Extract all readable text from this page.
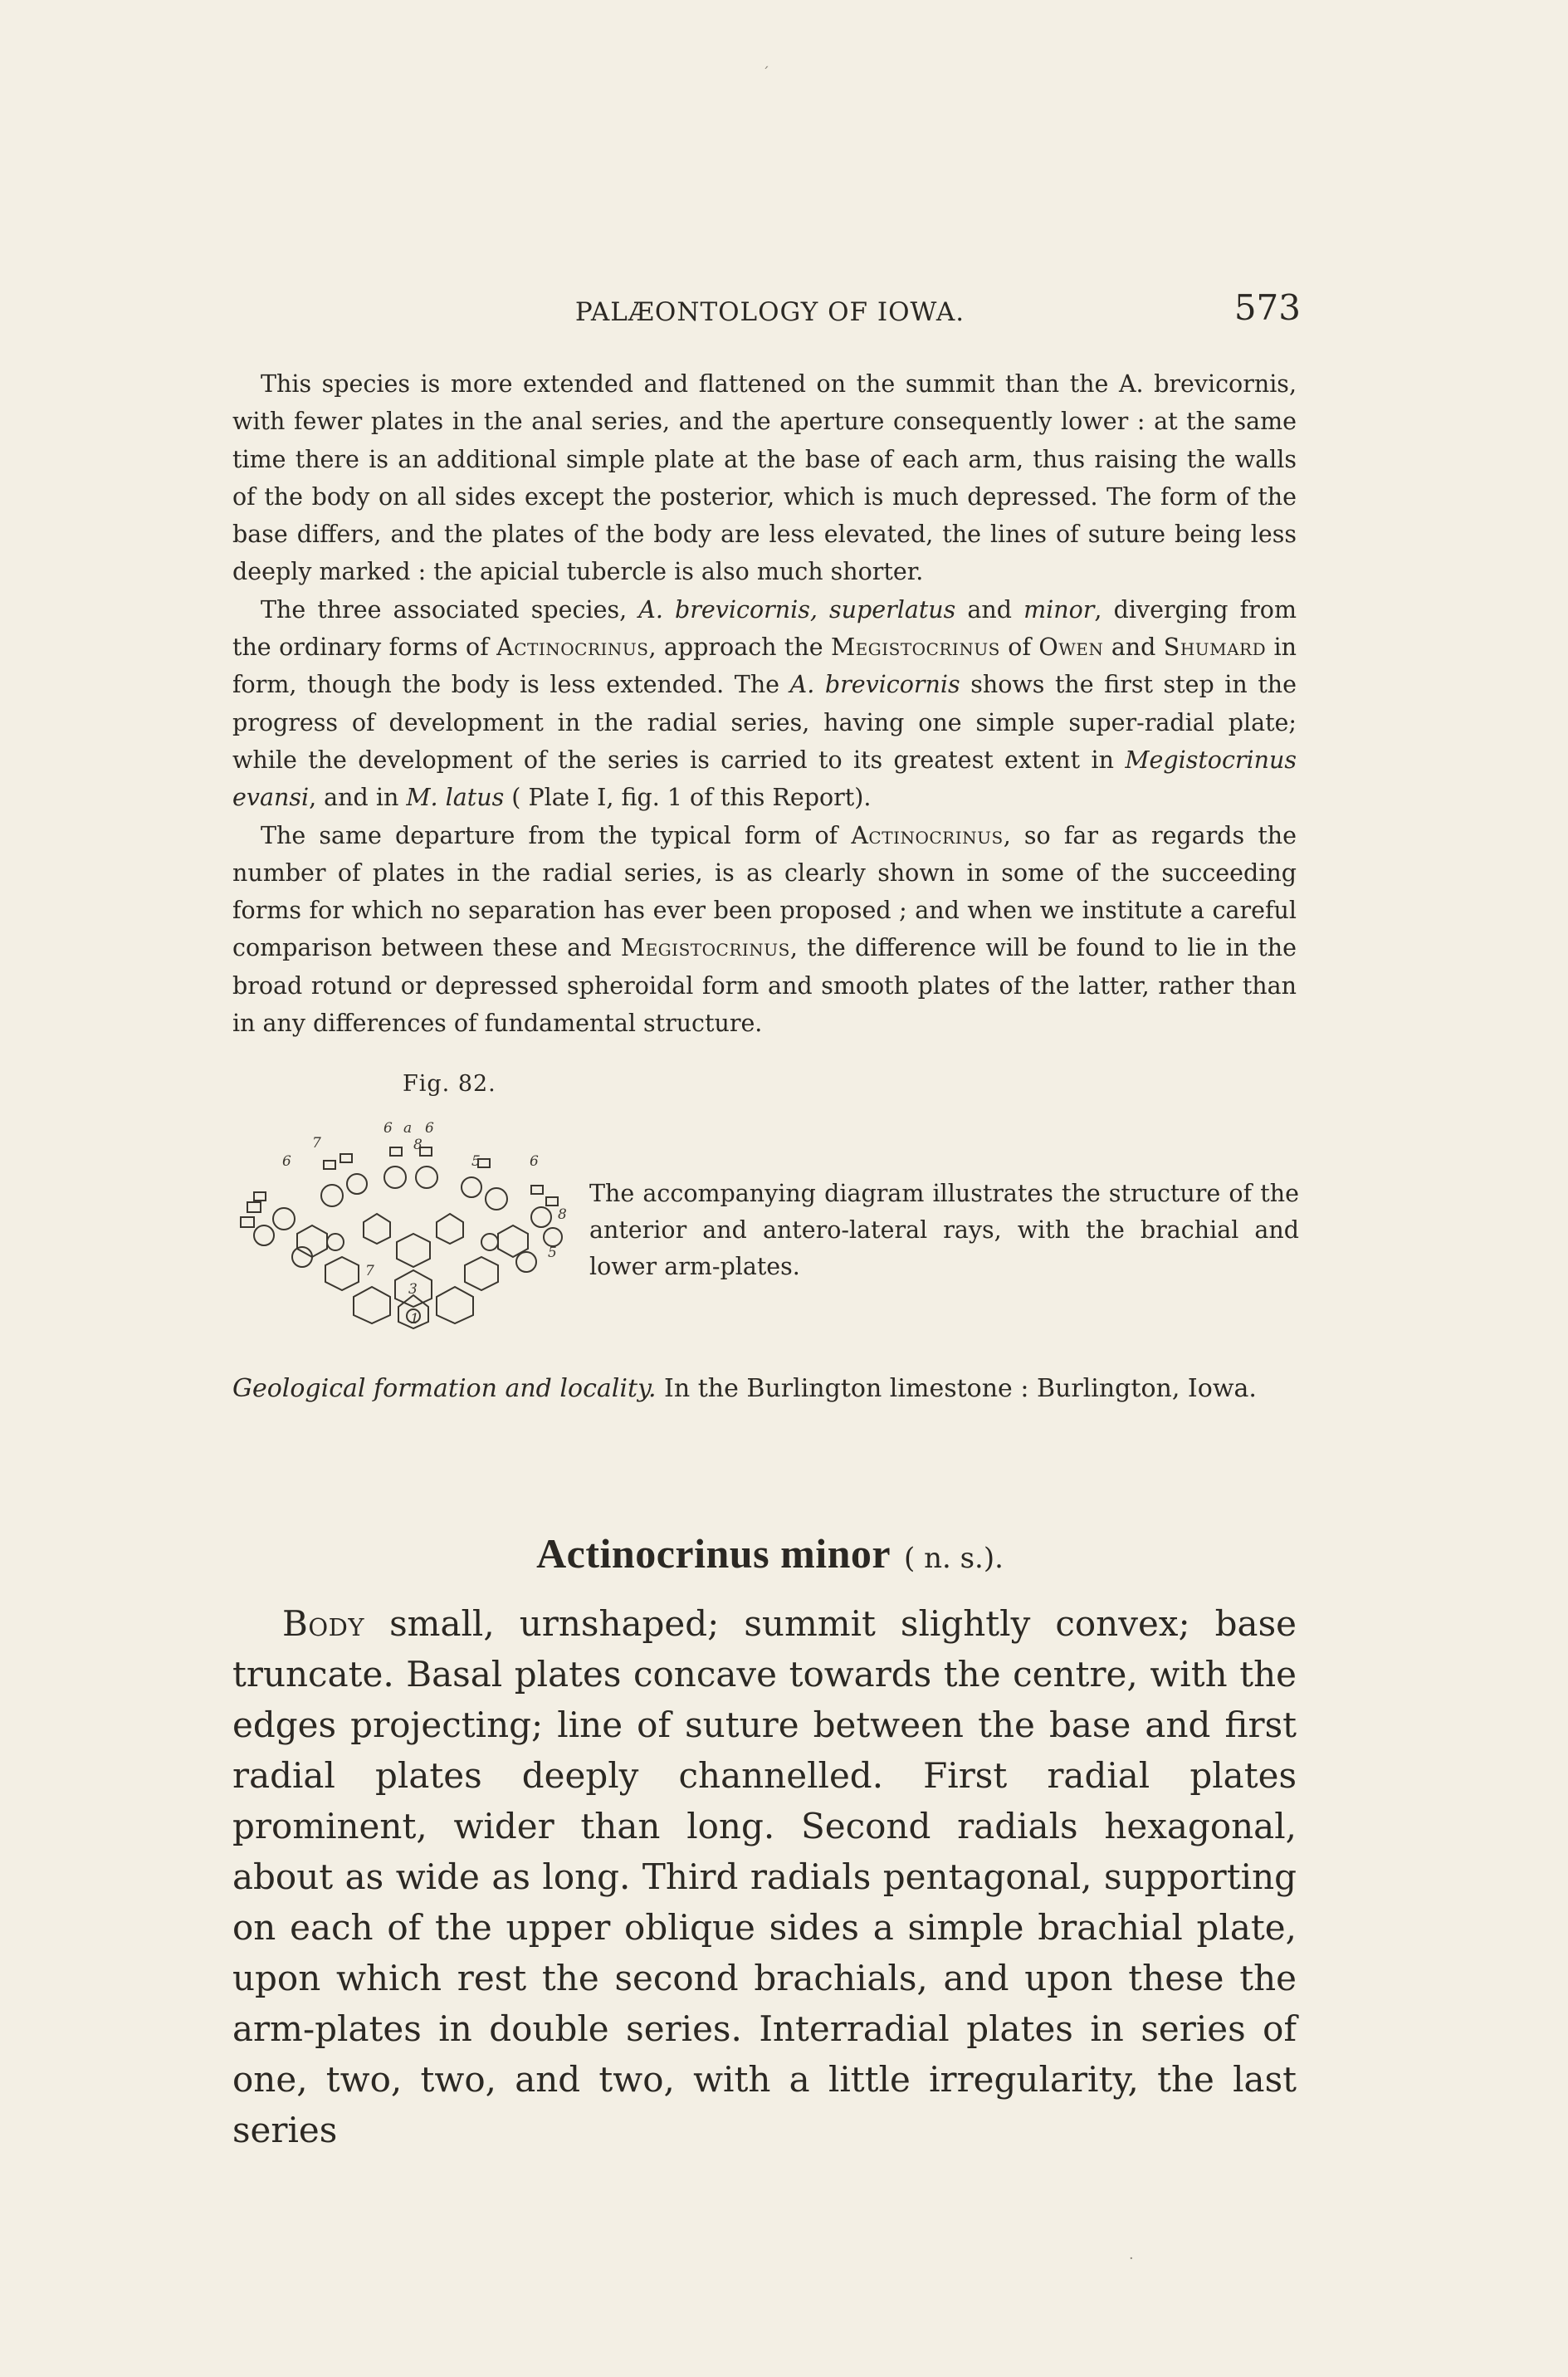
PALÆONTOLOGY OF IOWA.	573

This species is more extended and flattened on the summit than the A. brevicornis, with fewer plates in the anal series, and the aperture consequently lower : at the same time there is an additional simple plate at the base of each arm, thus raising the walls of the body on all sides except the posterior, which is much depressed. The form of the base differs, and the plates of the body are less elevated, the lines of suture being less deeply marked : the apicial tubercle is also much shorter.

The three associated species, A. brevicornis, superlatus and minor, diverging from the ordinary forms of Actinocrinus, approach the Megistocrinus of Owen and Shumard in form, though the body is less extended. The A. brevicornis shows the first step in the progress of development in the radial series, having one simple super-radial plate; while the development of the series is carried to its greatest extent in Megistocrinus evansi, and in M. latus ( Plate I, fig. 1 of this Report).

The same departure from the typical form of Actinocrinus, so far as regards the number of plates in the radial series, is as clearly shown in some of the succeeding forms for which no separation has ever been proposed ; and when we institute a careful comparison between these and Megistocrinus, the difference will be found to lie in the broad rotund or depressed spheroidal form and smooth plates of the latter, rather than in any differences of fundamental structure.

Fig. 82.
6 a 6
7	8
6	5	6
8
5
7
3
1
The accompanying diagram illustrates the structure of the anterior and antero-lateral rays, with the brachial and lower arm-plates.
Geological formation and locality. In the Burlington limestone : Burlington, Iowa.
Actinocrinus minor ( n. s.).

Body small, urnshaped; summit slightly convex; base truncate. Basal plates concave towards the centre, with the edges projecting; line of suture between the base and first radial plates deeply channelled. First radial plates prominent, wider than long. Second radials hexagonal, about as wide as long. Third radials pentagonal, supporting on each of the upper oblique sides a simple brachial plate, upon which rest the second brachials, and upon these the arm-plates in double series. Interradial plates in series of one, two, two, and two, with a little irregularity, the last series

ˊ
·
